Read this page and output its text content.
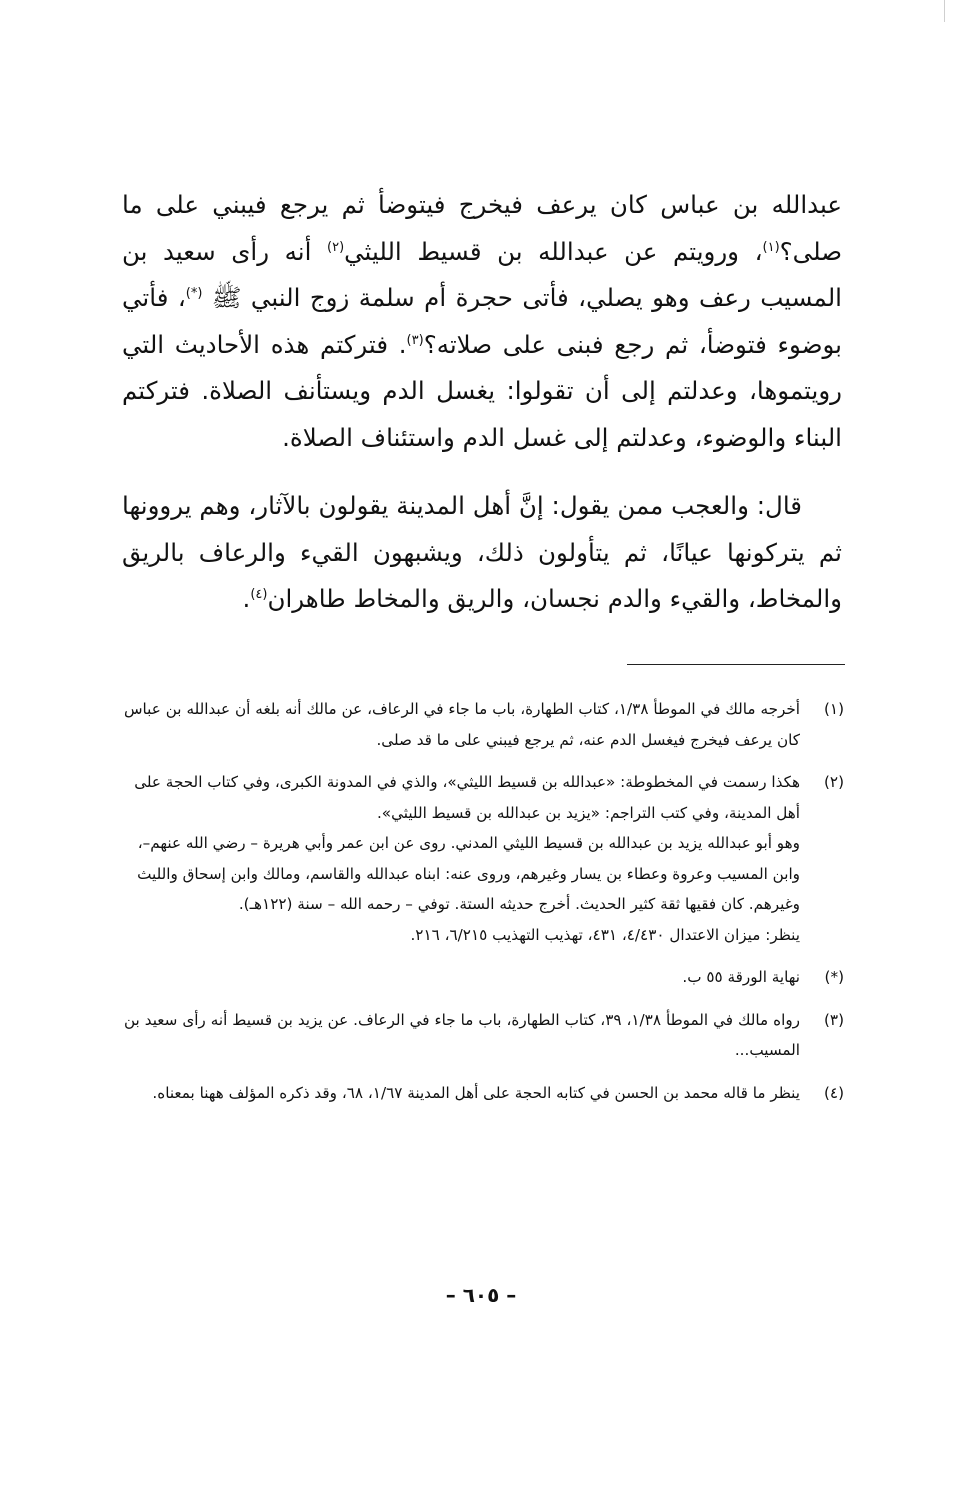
عبدالله بن عباس كان يرعف فيخرج فيتوضأ ثم يرجع فيبني على ما صلى؟$^{(١)}$، ورويتم عن عبدالله بن قسيط الليثي$^{(٢)}$ أنه رأى سعيد بن المسيب رعف وهو يصلي، فأتى حجرة أم سلمة زوج النبي ﷺ (*)، فأتي بوضوء فتوضأ، ثم رجع فبنى على صلاته؟$^{(٣)}$. فتركتم هذه الأحاديث التي رويتموها، وعدلتم إلى أن تقولوا: يغسل الدم ويستأنف الصلاة. فتركتم البناء والوضوء، وعدلتم إلى غسل الدم واستئناف الصلاة.

قال: والعجب ممن يقول: إنَّ أهل المدينة يقولون بالآثار، وهم يروونها ثم يتركونها عيانًا، ثم يتأولون ذلك، ويشبهون القيء والرعاف بالريق والمخاط، والقيء والدم نجسان، والريق والمخاط طاهران$^{(٤)}$.

(١)
أخرجه مالك في الموطأ ١/٣٨، كتاب الطهارة، باب ما جاء في الرعاف، عن مالك أنه بلغه أن عبدالله بن عباس كان يرعف فيخرج فيغسل الدم عنه، ثم يرجع فيبني على ما قد صلى.
(٢)
هكذا رسمت في المخطوطة: «عبدالله بن قسيط الليثي»، والذي في المدونة الكبرى، وفي كتاب الحجة على أهل المدينة، وفي كتب التراجم: «يزيد بن عبدالله بن قسيط الليثي».
وهو أبو عبدالله يزيد بن عبدالله بن قسيط الليثي المدني. روى عن ابن عمر وأبي هريرة – رضي الله عنهم–، وابن المسيب وعروة وعطاء بن يسار وغيرهم، وروى عنه: ابناه عبدالله والقاسم، ومالك وابن إسحاق والليث وغيرهم. كان فقيها ثقة كثير الحديث. أخرج حديثه الستة. توفي – رحمه الله – سنة (١٢٢هـ).
ينظر: ميزان الاعتدال ٤/٤٣٠، ٤٣١، تهذيب التهذيب ٦/٢١٥، ٢١٦.
(*)
نهاية الورقة ٥٥ ب.
(٣)
رواه مالك في الموطأ ١/٣٨، ٣٩، كتاب الطهارة، باب ما جاء في الرعاف. عن يزيد بن قسيط أنه رأى سعيد بن المسيب...
(٤)
ينظر ما قاله محمد بن الحسن في كتابه الحجة على أهل المدينة ١/٦٧، ٦٨، وقد ذكره المؤلف ههنا بمعناه.
– ٦٠٥ –
